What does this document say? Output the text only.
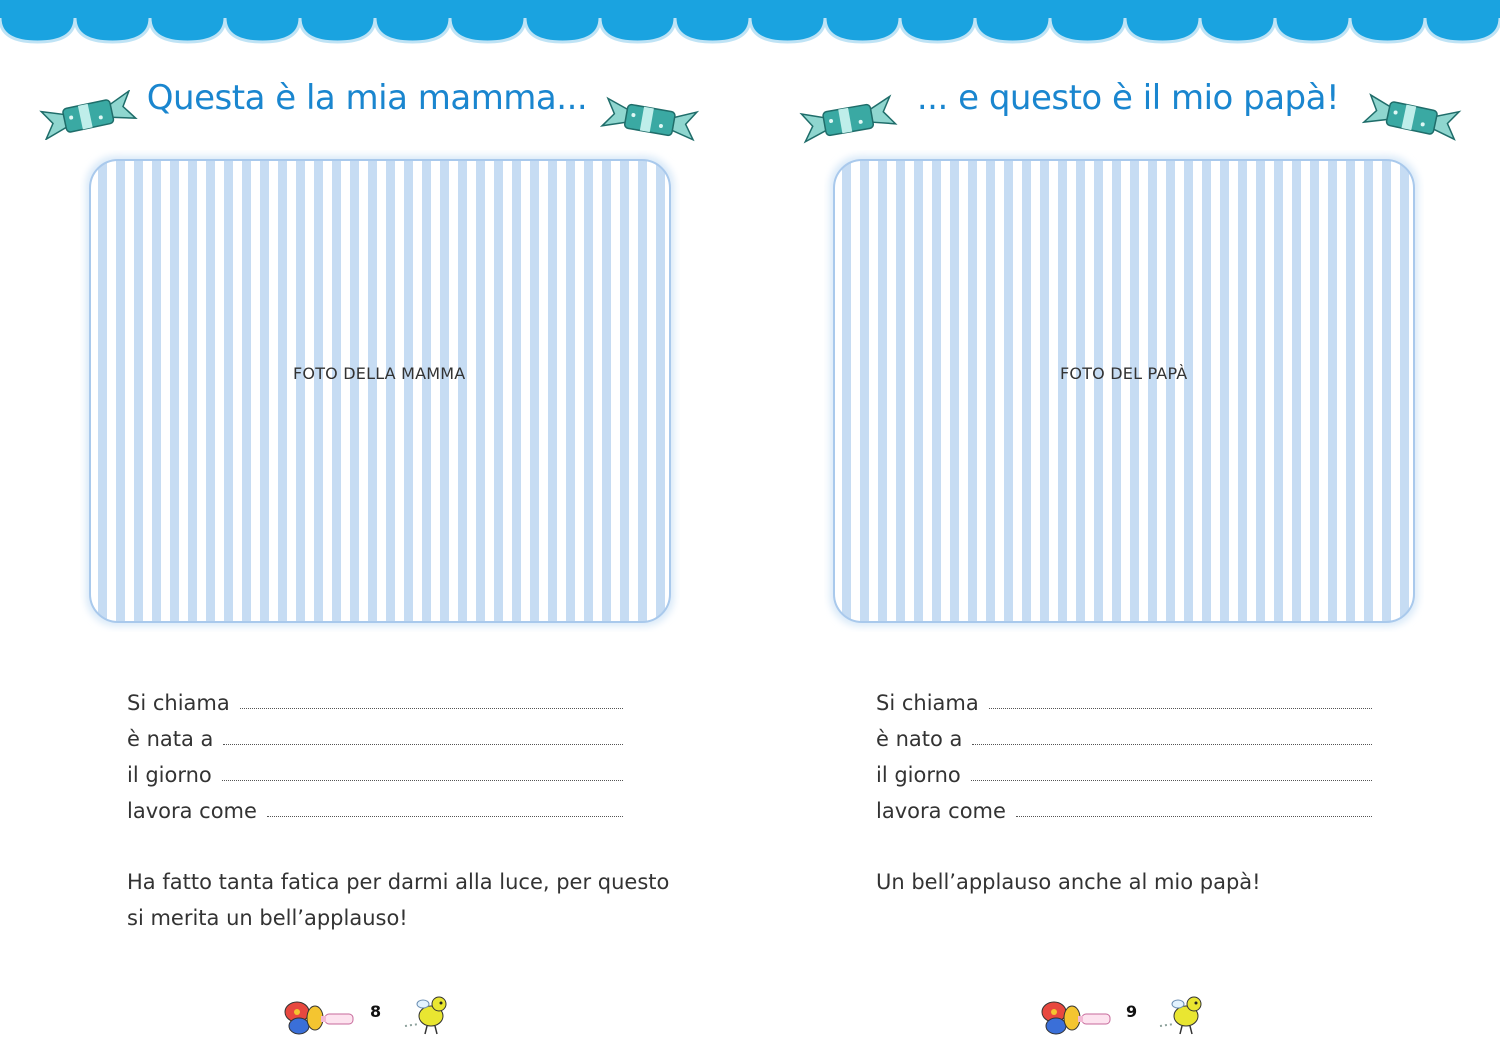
Questa è la mia mamma...
FOTO DELLA MAMMA
Si chiama
è nata a
il giorno
lavora come
Ha fatto tanta fatica per darmi alla luce, per questo
si merita un bell’applauso!
8
... e questo è il mio papà!
FOTO DEL PAPÀ
Si chiama
è nato a
il giorno
lavora come
Un bell’applauso anche al mio papà!
9
